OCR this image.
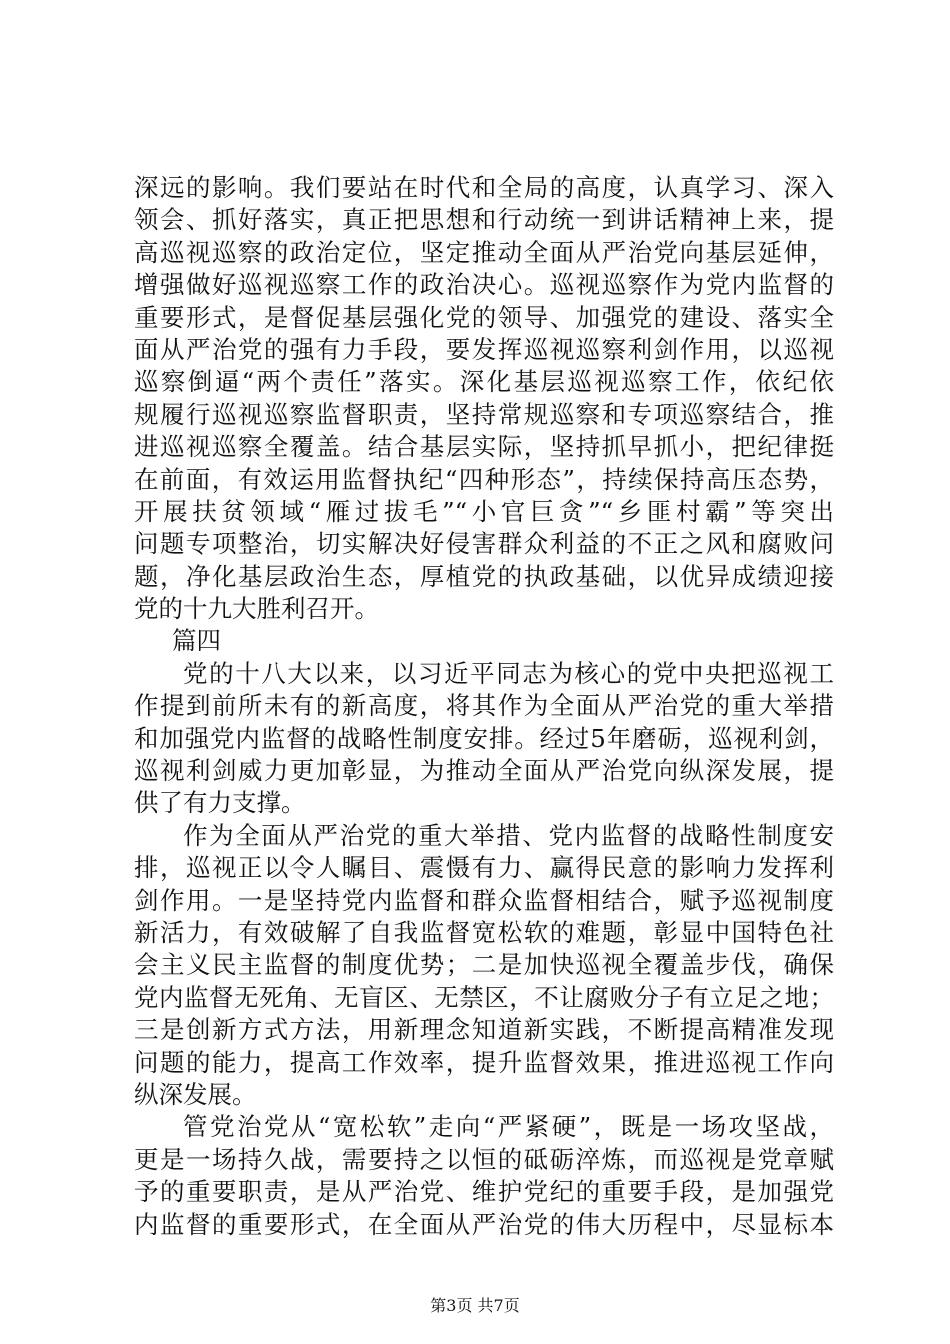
深远的影响。我们要站在时代和全局的高度，认真学习、深入
领会、抓好落实，真正把思想和行动统一到讲话精神上来，提
高巡视巡察的政治定位，坚定推动全面从严治党向基层延伸，
增强做好巡视巡察工作的政治决心。巡视巡察作为党内监督的
重要形式，是督促基层强化党的领导、加强党的建设、落实全
面从严治党的强有力手段，要发挥巡视巡察利剑作用，以巡视
巡察倒逼“两个责任”落实。深化基层巡视巡察工作，依纪依
规履行巡视巡察监督职责，坚持常规巡察和专项巡察结合，推
进巡视巡察全覆盖。结合基层实际，坚持抓早抓小，把纪律挺
在前面，有效运用监督执纪“四种形态”，持续保持高压态势，
开展扶贫领域“雁过拔毛”“小官巨贪”“乡匪村霸”等突出
问题专项整治，切实解决好侵害群众利益的不正之风和腐败问
题，净化基层政治生态，厚植党的执政基础，以优异成绩迎接
党的十九大胜利召开。
篇四
党的十八大以来，以习近平同志为核心的党中央把巡视工
作提到前所未有的新高度，将其作为全面从严治党的重大举措
和加强党内监督的战略性制度安排。经过5年磨砺，巡视利剑，
巡视利剑威力更加彰显，为推动全面从严治党向纵深发展，提
供了有力支撑。
作为全面从严治党的重大举措、党内监督的战略性制度安
排，巡视正以令人瞩目、震慑有力、赢得民意的影响力发挥利
剑作用。一是坚持党内监督和群众监督相结合，赋予巡视制度
新活力，有效破解了自我监督宽松软的难题，彰显中国特色社
会主义民主监督的制度优势；二是加快巡视全覆盖步伐，确保
党内监督无死角、无盲区、无禁区，不让腐败分子有立足之地；
三是创新方式方法，用新理念知道新实践，不断提高精准发现
问题的能力，提高工作效率，提升监督效果，推进巡视工作向
纵深发展。
管党治党从“宽松软”走向“严紧硬”，既是一场攻坚战，
更是一场持久战，需要持之以恒的砥砺淬炼，而巡视是党章赋
予的重要职责，是从严治党、维护党纪的重要手段，是加强党
内监督的重要形式，在全面从严治党的伟大历程中，尽显标本
第3页 共7页
